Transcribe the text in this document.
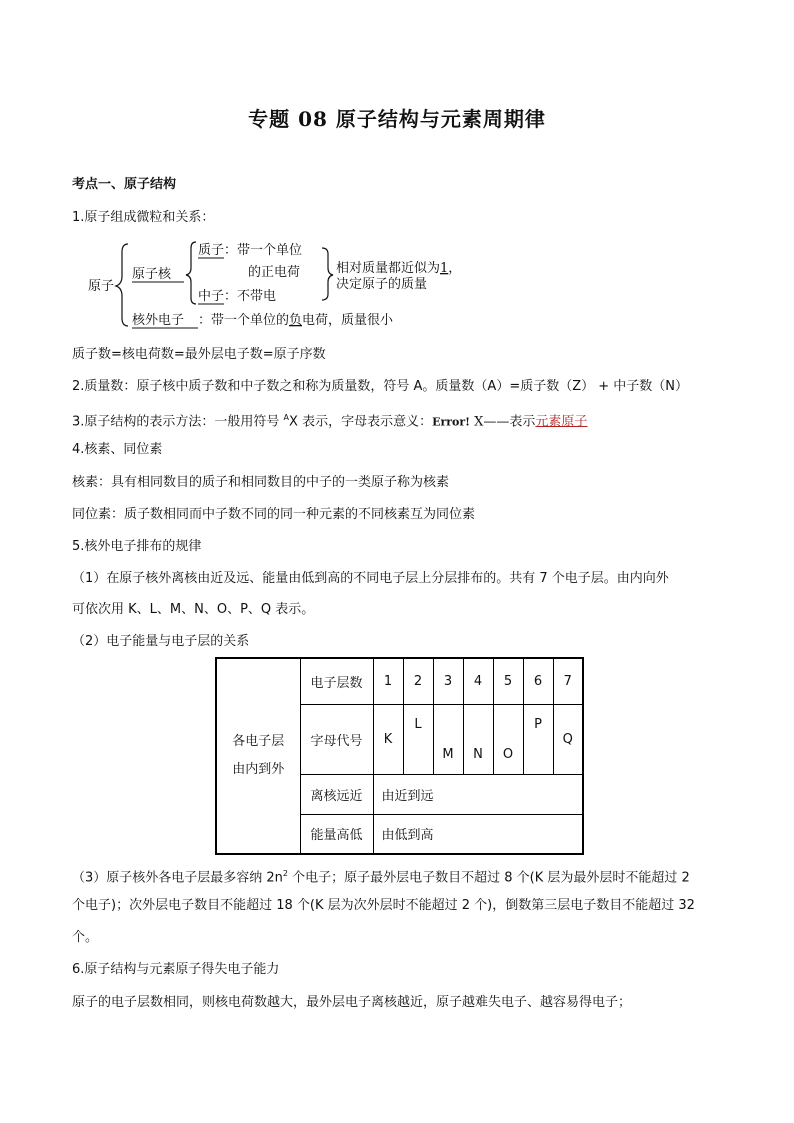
专题 08 原子结构与元素周期律
考点一、原子结构
1.原子组成微粒和关系：
原子
原子核
质子 ：带一个单位
的正电荷
中子 ：不带电
相对质量都近似为1，
决定原子的质量
核外电子 ：带一个单位的负电荷，质量很小
质子数=核电荷数=最外层电子数=原子序数
2.质量数：原子核中质子数和中子数之和称为质量数，符号 A。质量数（A）=质子数（Z） + 中子数（N）
3.原子结构的表示方法：一般用符号 $^A$X 表示，字母表示意义：Error! X——表示元素原子
4.核素、同位素
核素：具有相同数目的质子和相同数目的中子的一类原子称为核素
同位素：质子数相同而中子数不同的同一种元素的不同核素互为同位素
5.核外电子排布的规律
（1）在原子核外离核由近及远、能量由低到高的不同电子层上分层排布的。共有 7 个电子层。由内向外
可依次用 K、L、M、N、O、P、Q 表示。
（2）电子能量与电子层的关系
各电子层
由内到外	电子层数	1	2	3	4	5	6	7
	字母代号	K	L	M	N	O	P	Q
	离核远近	由近到远						
	能量高低	由低到高						
（3）原子核外各电子层最多容纳 $2n^2$ 个电子；原子最外层电子数目不超过 8 个(K 层为最外层时不能超过 2
个电子)；次外层电子数目不能超过 18 个(K 层为次外层时不能超过 2 个)，倒数第三层电子数目不能超过 32
个。
6.原子结构与元素原子得失电子能力
原子的电子层数相同，则核电荷数越大，最外层电子离核越近，原子越难失电子、越容易得电子；
